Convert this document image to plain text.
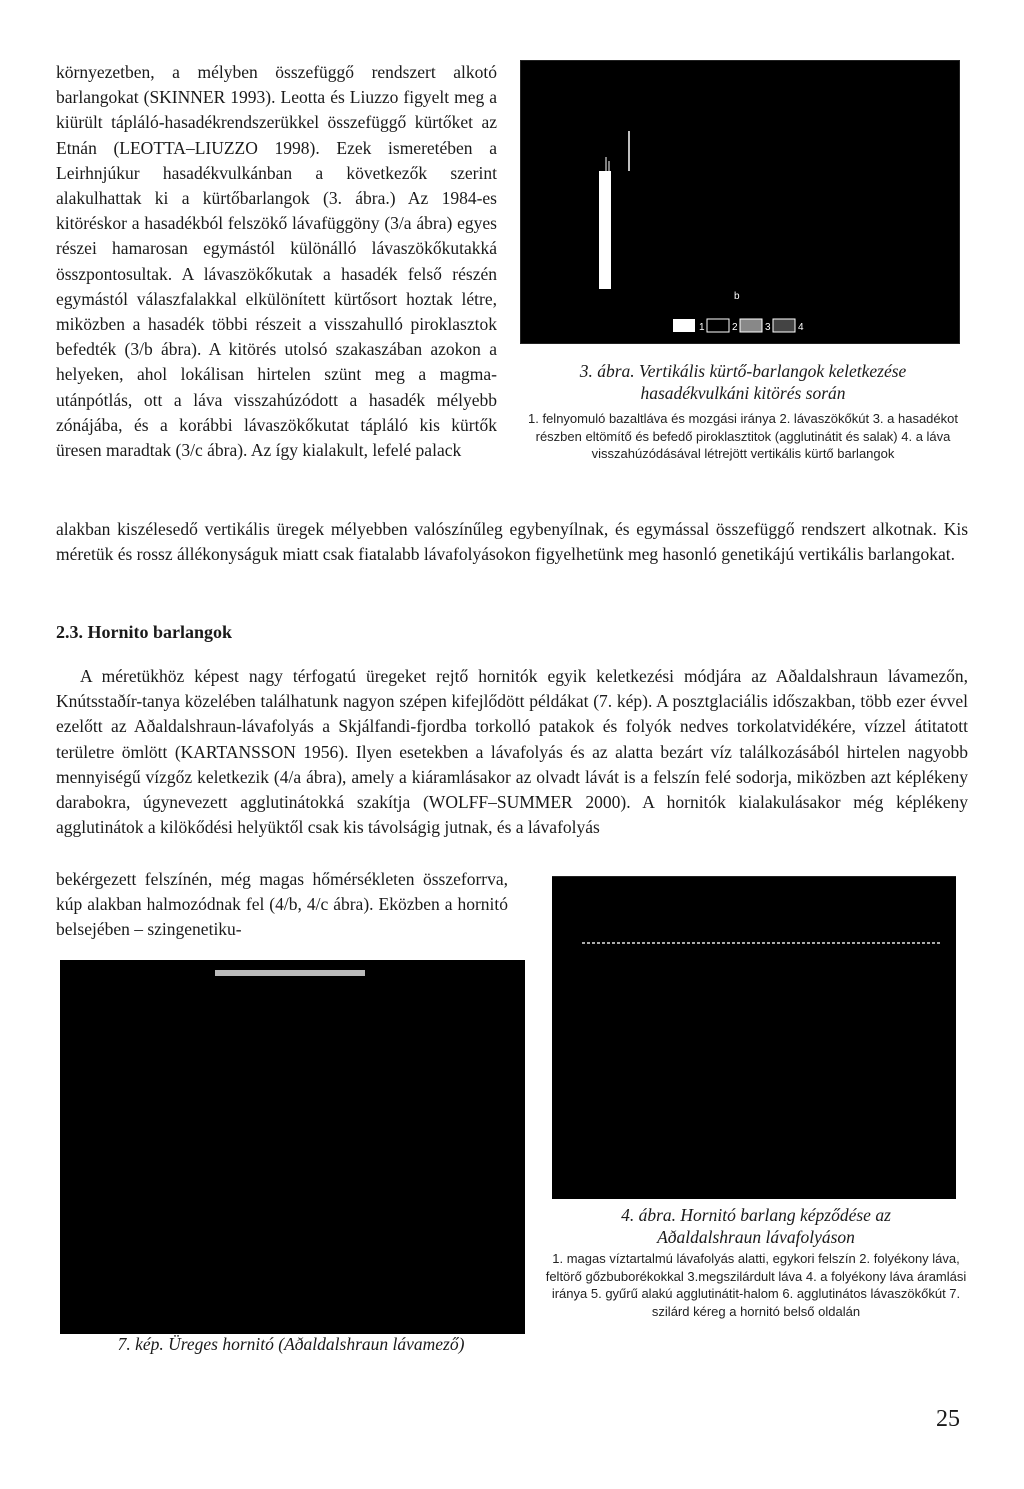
környezetben, a mélyben összefüggő rendszert alkotó barlangokat (SKINNER 1993). Leotta és Liuzzo figyelt meg a kiürült tápláló-hasadékrendszerükkel összefüggő kürtőket az Etnán (LEOTTA–LIUZZO 1998). Ezek ismeretében a Leirhnjúkur hasadékvulkánban a következők szerint alakulhattak ki a kürtőbarlangok (3. ábra.) Az 1984-es kitöréskor a hasadékból felszökő lávafüggöny (3/a ábra) egyes részei hamarosan egymástól különálló lávaszökőkutakká összpontosultak. A lávaszökőkutak a hasadék felső részén egymástól válaszfalakkal elkülönített kürtősort hoztak létre, miközben a hasadék többi részeit a visszahulló piroklasztok befedték (3/b ábra). A kitörés utolsó szakaszában azokon a helyeken, ahol lokálisan hirtelen szünt meg a magma-utánpótlás, ott a láva visszahúzódott a hasadék mélyebb zónájába, és a korábbi lávaszökőkutat tápláló kis kürtők üresen maradtak (3/c ábra). Az így kialakult, lefelé palack

b
1	2	3	4
3. ábra. Vertikális kürtő-barlangok keletkezése
hasadékvulkáni kitörés során
1. felnyomuló bazaltláva és mozgási iránya 2. lávaszökőkút 3. a hasadékot részben eltömítő és befedő piroklasztitok (agglutinátit és salak) 4. a láva visszahúzódásával létrejött vertikális kürtő barlangok

alakban kiszélesedő vertikális üregek mélyebben valószínűleg egybenyílnak, és egymással összefüggő rendszert alkotnak. Kis méretük és rossz állékonyságuk miatt csak fiatalabb lávafolyásokon figyelhetünk meg hasonló genetikájú vertikális barlangokat.

2.3. Hornito barlangok

A méretükhöz képest nagy térfogatú üregeket rejtő hornitók egyik keletkezési módjára az Aðaldalshraun lávamezőn, Knútsstaðír-tanya közelében találhatunk nagyon szépen kifejlődött példákat (7. kép). A posztglaciális időszakban, több ezer évvel ezelőtt az Aðaldalshraun-lávafolyás a Skjálfandi-fjordba torkolló patakok és folyók nedves torkolatvidékére, vízzel átitatott területre ömlött (KARTANSSON 1956). Ilyen esetekben a lávafolyás és az alatta bezárt víz találkozásából hirtelen nagyobb mennyiségű vízgőz keletkezik (4/a ábra), amely a kiáramlásakor az olvadt lávát is a felszín felé sodorja, miközben azt képlékeny darabokra, úgynevezett agglutinátokká szakítja (WOLFF–SUMMER 2000). A hornitók kialakulásakor még képlékeny agglutinátok a kilökődési helyüktől csak kis távolságig jutnak, és a lávafolyás

bekérgezett felszínén, még magas hőmérsékleten összeforrva, kúp alakban halmozódnak fel (4/b, 4/c ábra). Eközben a hornitó belsejében – szingenetiku-

4. ábra. Hornitó barlang képződése az
Aðaldalshraun lávafolyáson
1. magas víztartalmú lávafolyás alatti, egykori felszín 2. folyékony láva, feltörő gőzbuborékokkal 3.megszilárdult láva 4. a folyékony láva áramlási iránya 5. gyűrű alakú agglutinátit-halom 6. agglutinátos lávaszökőkút 7. szilárd kéreg a hornitó belső oldalán
7. kép. Üreges hornitó (Aðaldalshraun lávamező)
25
